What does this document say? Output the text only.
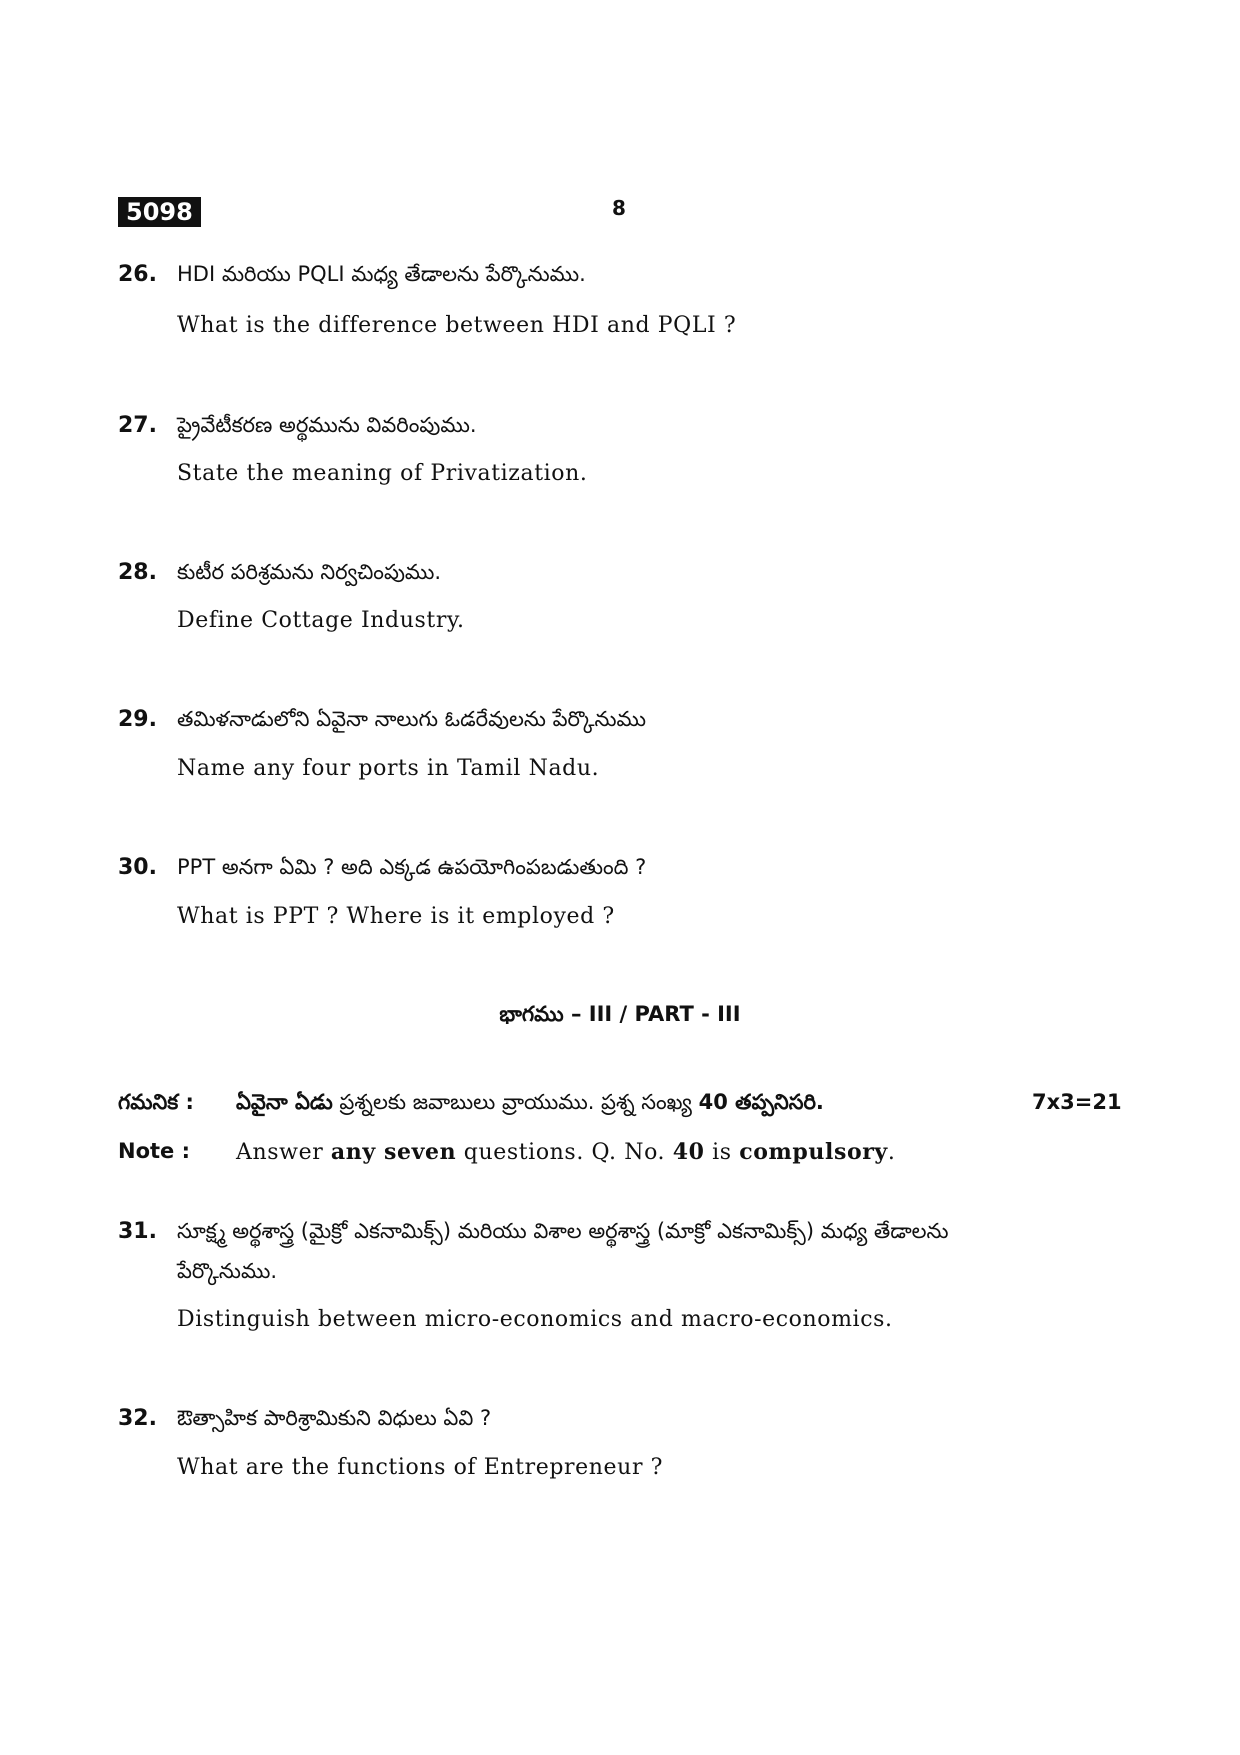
5098	8
26. HDI మరియు PQLI మధ్య తేడాలను పేర్కొనుము.
What is the difference between HDI and PQLI ?
27. ప్రైవేటీకరణ అర్థమును వివరింపుము.
State the meaning of Privatization.
28. కుటీర పరిశ్రమను నిర్వచింపుము.
Define Cottage Industry.
29. తమిళనాడులోని ఏవైనా నాలుగు ఓడరేవులను పేర్కొనుము
Name any four ports in Tamil Nadu.
30. PPT అనగా ఏమి ? అది ఎక్కడ ఉపయోగింపబడుతుంది ?
What is PPT ? Where is it employed ?
భాగము – III / PART - III
గమనిక : ఏవైనా ఏడు ప్రశ్నలకు జవాబులు వ్రాయుము. ప్రశ్న సంఖ్య 40 తప్పనిసరి.	7x3=21
Note : Answer any seven questions. Q. No. 40 is compulsory.
31. సూక్ష్మ అర్థశాస్త్ర (మైక్రో ఎకనామిక్స్) మరియు విశాల అర్థశాస్త్ర (మాక్రో ఎకనామిక్స్) మధ్య తేడాలను
పేర్కొనుము.
Distinguish between micro-economics and macro-economics.
32. ఔత్సాహిక పారిశ్రామికుని విధులు ఏవి ?
What are the functions of Entrepreneur ?
